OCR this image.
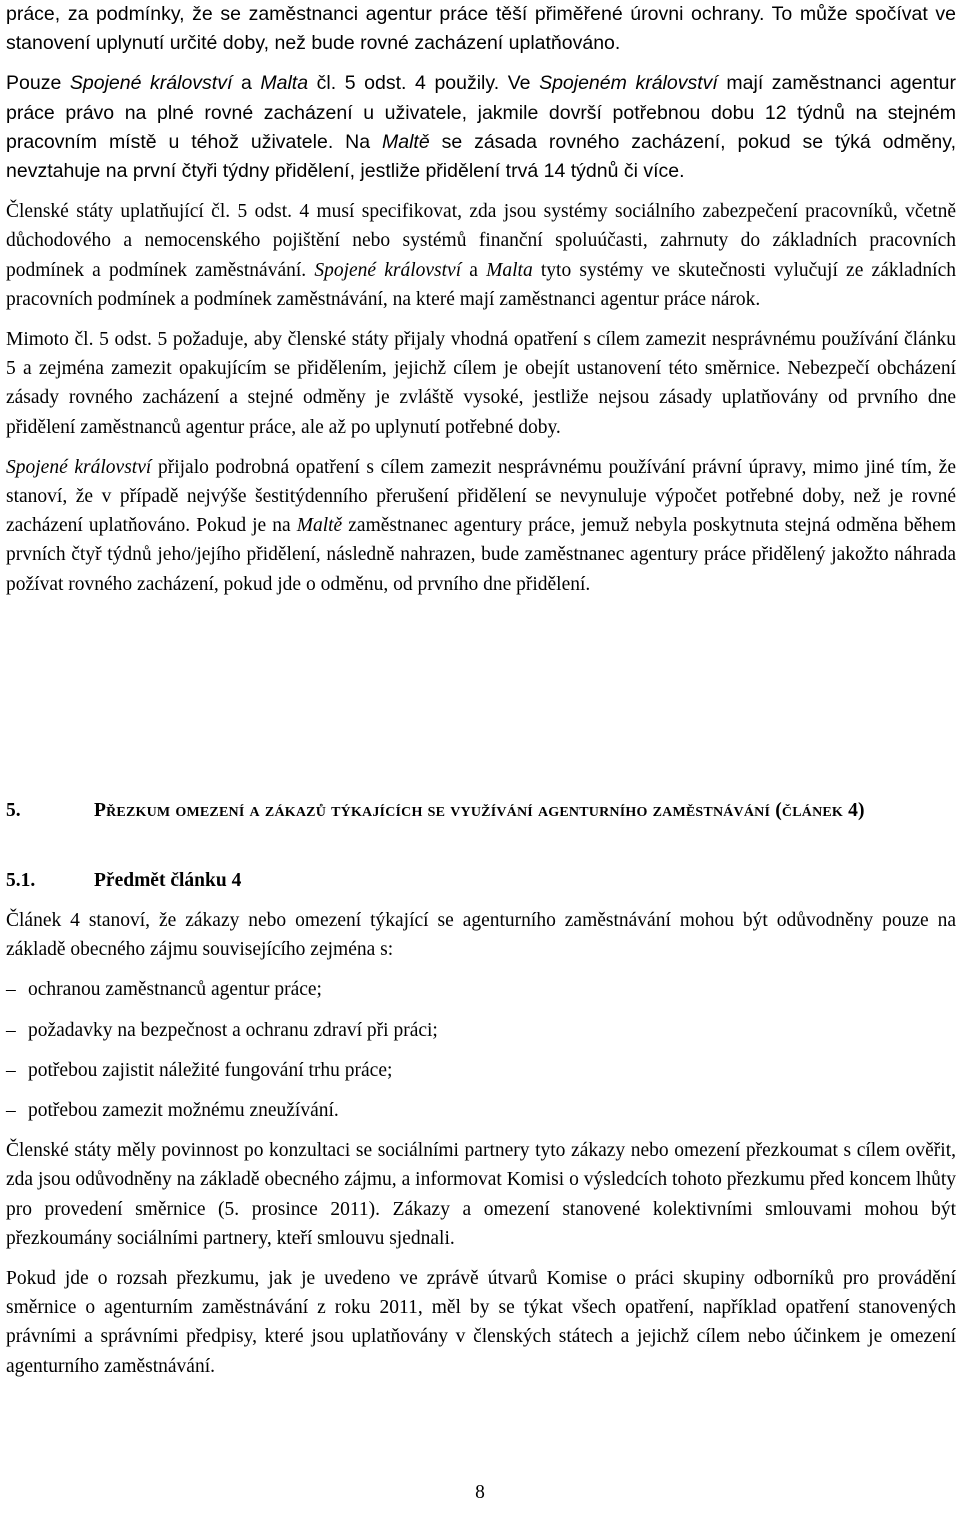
práce, za podmínky, že se zaměstnanci agentur práce těší přiměřené úrovni ochrany. To může spočívat ve stanovení uplynutí určité doby, než bude rovné zacházení uplatňováno.

Pouze Spojené království a Malta čl. 5 odst. 4 použily. Ve Spojeném království mají zaměstnanci agentur práce právo na plné rovné zacházení u uživatele, jakmile dovrší potřebnou dobu 12 týdnů na stejném pracovním místě u téhož uživatele. Na Maltě se zásada rovného zacházení, pokud se týká odměny, nevztahuje na první čtyři týdny přidělení, jestliže přidělení trvá 14 týdnů či více.

Členské státy uplatňující čl. 5 odst. 4 musí specifikovat, zda jsou systémy sociálního zabezpečení pracovníků, včetně důchodového a nemocenského pojištění nebo systémů finanční spoluúčasti, zahrnuty do základních pracovních podmínek a podmínek zaměstnávání. Spojené království a Malta tyto systémy ve skutečnosti vylučují ze základních pracovních podmínek a podmínek zaměstnávání, na které mají zaměstnanci agentur práce nárok.

Mimoto čl. 5 odst. 5 požaduje, aby členské státy přijaly vhodná opatření s cílem zamezit nesprávnému používání článku 5 a zejména zamezit opakujícím se přidělením, jejichž cílem je obejít ustanovení této směrnice. Nebezpečí obcházení zásady rovného zacházení a stejné odměny je zvláště vysoké, jestliže nejsou zásady uplatňovány od prvního dne přidělení zaměstnanců agentur práce, ale až po uplynutí potřebné doby.

Spojené království přijalo podrobná opatření s cílem zamezit nesprávnému používání právní úpravy, mimo jiné tím, že stanoví, že v případě nejvýše šestitýdenního přerušení přidělení se nevynuluje výpočet potřebné doby, než je rovné zacházení uplatňováno. Pokud je na Maltě zaměstnanec agentury práce, jemuž nebyla poskytnuta stejná odměna během prvních čtyř týdnů jeho/jejího přidělení, následně nahrazen, bude zaměstnanec agentury práce přidělený jakožto náhrada požívat rovného zacházení, pokud jde o odměnu, od prvního dne přidělení.

5.	Přezkum omezení a zákazů týkajících se využívání agenturního zaměstnávání (článek 4)
5.1.	Předmět článku 4

Článek 4 stanoví, že zákazy nebo omezení týkající se agenturního zaměstnávání mohou být odůvodněny pouze na základě obecného zájmu souvisejícího zejména s:

– ochranou zaměstnanců agentur práce;

– požadavky na bezpečnost a ochranu zdraví při práci;

– potřebou zajistit náležité fungování trhu práce;

– potřebou zamezit možnému zneužívání.

Členské státy měly povinnost po konzultaci se sociálními partnery tyto zákazy nebo omezení přezkoumat s cílem ověřit, zda jsou odůvodněny na základě obecného zájmu, a informovat Komisi o výsledcích tohoto přezkumu před koncem lhůty pro provedení směrnice (5. prosince 2011). Zákazy a omezení stanovené kolektivními smlouvami mohou být přezkoumány sociálními partnery, kteří smlouvu sjednali.

Pokud jde o rozsah přezkumu, jak je uvedeno ve zprávě útvarů Komise o práci skupiny odborníků pro provádění směrnice o agenturním zaměstnávání z roku 2011, měl by se týkat všech opatření, například opatření stanovených právními a správními předpisy, které jsou uplatňovány v členských státech a jejichž cílem nebo účinkem je omezení agenturního zaměstnávání.

8
